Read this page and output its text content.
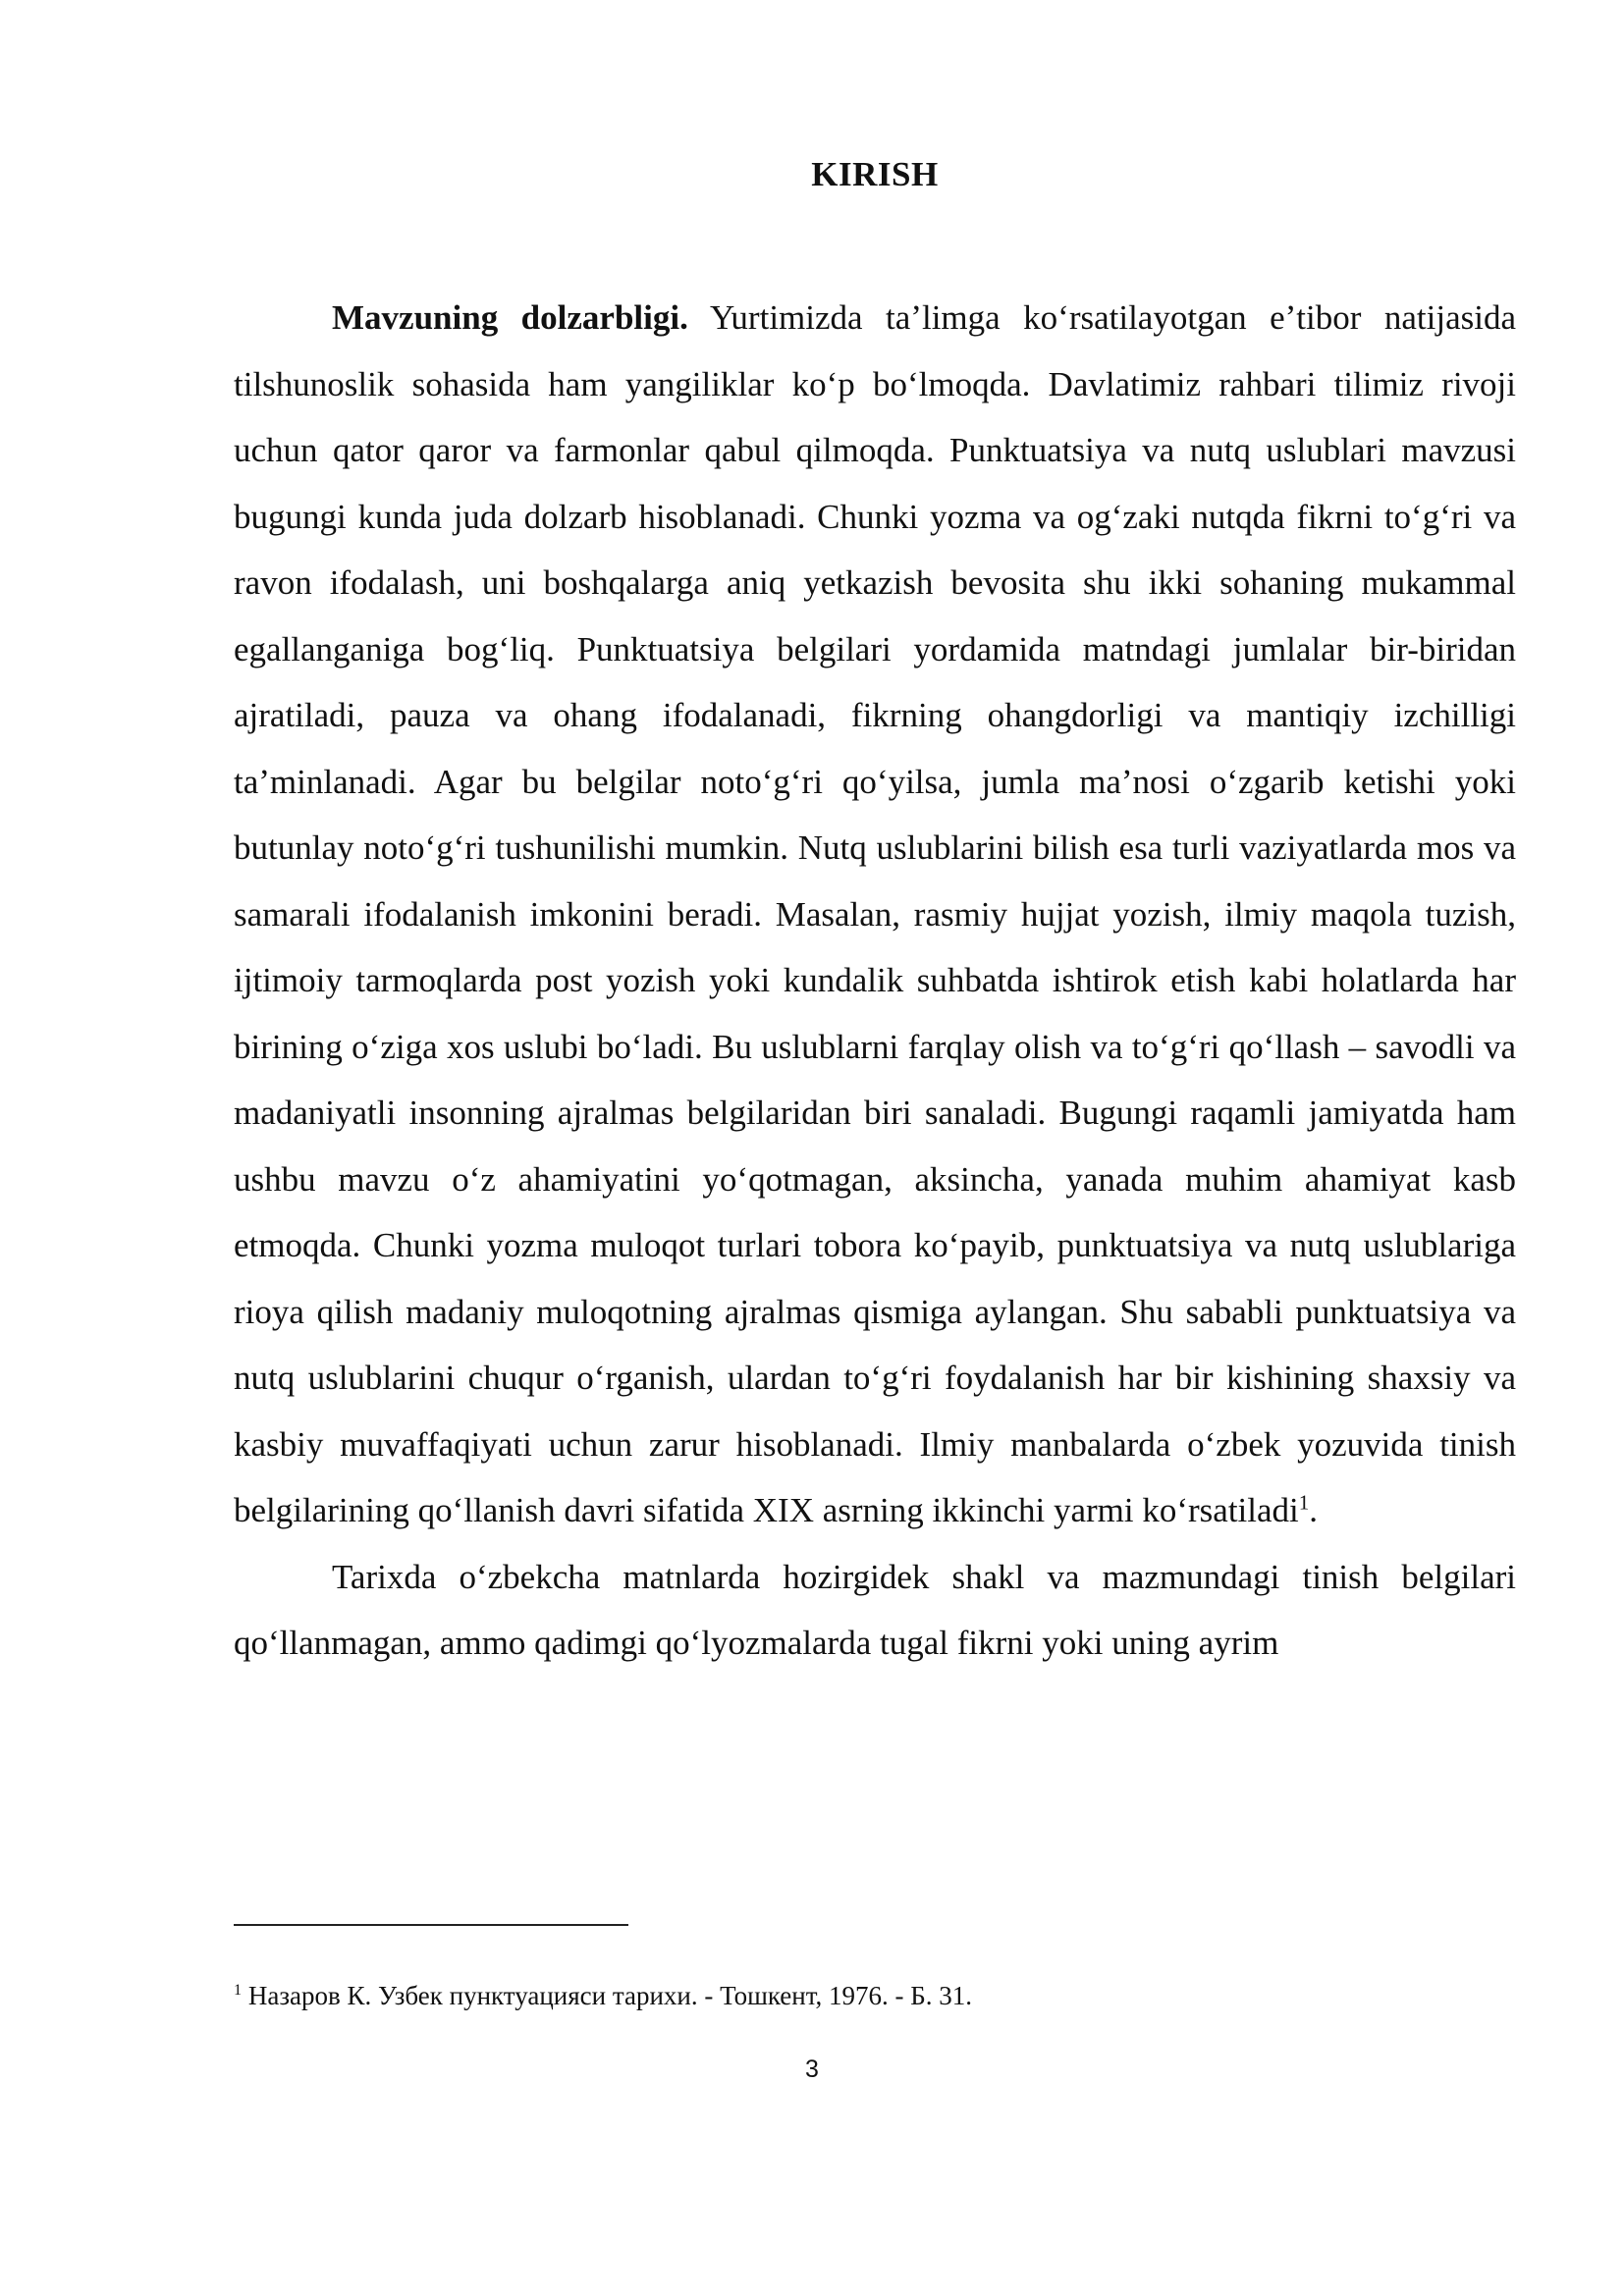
KIRISH

Mavzuning dolzarbligi. Yurtimizda taʼlimga koʻrsatilayotgan eʼtibor natijasida tilshunoslik sohasida ham yangiliklar koʻp boʻlmoqda. Davlatimiz rahbari tilimiz rivoji uchun qator qaror va farmonlar qabul qilmoqda. Punktuatsiya va nutq uslublari mavzusi bugungi kunda juda dolzarb hisoblanadi. Chunki yozma va ogʻzaki nutqda fikrni toʻgʻri va ravon ifodalash, uni boshqalarga aniq yetkazish bevosita shu ikki sohaning mukammal egallanganiga bogʻliq. Punktuatsiya belgilari yordamida matndagi jumlalar bir-biridan ajratiladi, pauza va ohang ifodalanadi, fikrning ohangdorligi va mantiqiy izchilligi taʼminlanadi. Agar bu belgilar notoʻgʻri qoʻyilsa, jumla maʼnosi oʻzgarib ketishi yoki butunlay notoʻgʻri tushunilishi mumkin. Nutq uslublarini bilish esa turli vaziyatlarda mos va samarali ifodalanish imkonini beradi. Masalan, rasmiy hujjat yozish, ilmiy maqola tuzish, ijtimoiy tarmoqlarda post yozish yoki kundalik suhbatda ishtirok etish kabi holatlarda har birining oʻziga xos uslubi boʻladi. Bu uslublarni farqlay olish va toʻgʻri qoʻllash – savodli va madaniyatli insonning ajralmas belgilaridan biri sanaladi. Bugungi raqamli jamiyatda ham ushbu mavzu oʻz ahamiyatini yoʻqotmagan, aksincha, yanada muhim ahamiyat kasb etmoqda. Chunki yozma muloqot turlari tobora koʻpayib, punktuatsiya va nutq uslublariga rioya qilish madaniy muloqotning ajralmas qismiga aylangan. Shu sababli punktuatsiya va nutq uslublarini chuqur oʻrganish, ulardan toʻgʻri foydalanish har bir kishining shaxsiy va kasbiy muvaffaqiyati uchun zarur hisoblanadi. Ilmiy manbalarda oʻzbek yozuvida tinish belgilarining qoʻllanish davri sifatida XIX asrning ikkinchi yarmi koʻrsatiladi$^1$.

Tarixda oʻzbekcha matnlarda hozirgidek shakl va mazmundagi tinish belgilari qoʻllanmagan, ammo qadimgi qoʻlyozmalarda tugal fikrni yoki uning ayrim

$^1$ Назаров К. Узбек пунктуацияси тарихи. - Тошкент, 1976. - Б. 31.

3
